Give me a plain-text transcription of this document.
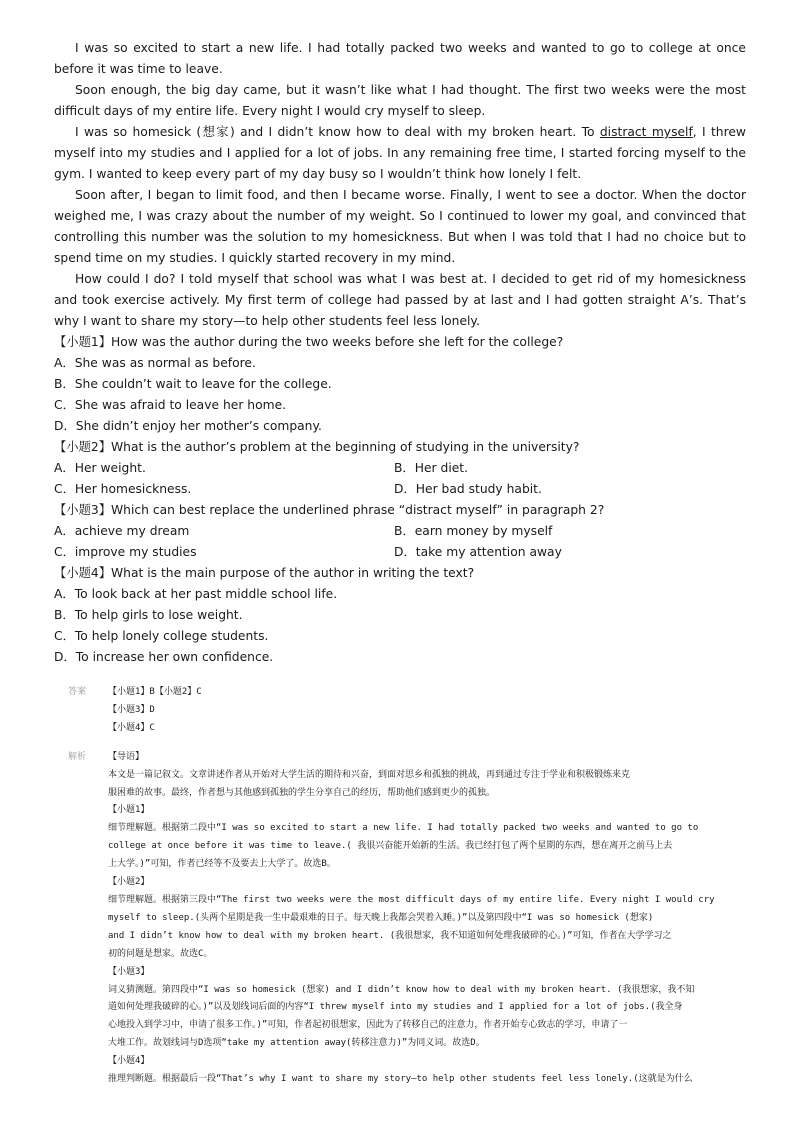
I was so excited to start a new life. I had totally packed two weeks and wanted to go to college at once before it was time to leave.

Soon enough, the big day came, but it wasn’t like what I had thought. The first two weeks were the most difficult days of my entire life. Every night I would cry myself to sleep.

I was so homesick (想家) and I didn’t know how to deal with my broken heart. To distract myself, I threw myself into my studies and I applied for a lot of jobs. In any remaining free time, I started forcing myself to the gym. I wanted to keep every part of my day busy so I wouldn’t think how lonely I felt.

Soon after, I began to limit food, and then I became worse. Finally, I went to see a doctor. When the doctor weighed me, I was crazy about the number of my weight. So I continued to lower my goal, and convinced that controlling this number was the solution to my homesickness. But when I was told that I had no choice but to spend time on my studies. I quickly started recovery in my mind.

How could I do? I told myself that school was what I was best at. I decided to get rid of my homesickness and took exercise actively. My first term of college had passed by at last and I had gotten straight A’s. That’s why I want to share my story—to help other students feel less lonely.

【小题1】How was the author during the two weeks before she left for the college?

A．She was as normal as before.

B．She couldn’t wait to leave for the college.

C．She was afraid to leave her home.

D．She didn’t enjoy her mother’s company.

【小题2】What is the author’s problem at the beginning of studying in the university?

A．Her weight.	B．Her diet.
C．Her homesickness.	D．Her bad study habit.

【小题3】Which can best replace the underlined phrase “distract myself” in paragraph 2?

A．achieve my dream	B．earn money by myself
C．improve my studies	D．take my attention away

【小题4】What is the main purpose of the author in writing the text?

A．To look back at her past middle school life.

B．To help girls to lose weight.

C．To help lonely college students.

D．To increase her own confidence.

答案	【小题1】B【小题2】C
【小题3】D
【小题4】C
解析	【导语】
本文是一篇记叙文。文章讲述作者从开始对大学生活的期待和兴奋，到面对思乡和孤独的挑战，再到通过专注于学业和积极锻炼来克
服困难的故事。最终，作者想与其他感到孤独的学生分享自己的经历，帮助他们感到更少的孤独。
【小题1】
细节理解题。根据第二段中“I was so excited to start a new life. I had totally packed two weeks and wanted to go to
college at once before it was time to leave.( 我很兴奋能开始新的生活。我已经打包了两个星期的东西，想在离开之前马上去
上大学。)”可知，作者已经等不及要去上大学了。故选B。
【小题2】
细节理解题。根据第三段中“The first two weeks were the most difficult days of my entire life. Every night I would cry
myself to sleep.(头两个星期是我一生中最艰难的日子。每天晚上我都会哭着入睡。)”以及第四段中“I was so homesick (想家)
and I didn’t know how to deal with my broken heart. (我很想家，我不知道如何处理我破碎的心。)”可知，作者在大学学习之
初的问题是想家。故选C。
【小题3】
词义猜测题。第四段中“I was so homesick (想家) and I didn’t know how to deal with my broken heart. (我很想家，我不知
道如何处理我破碎的心。)”以及划线词后面的内容“I threw myself into my studies and I applied for a lot of jobs.(我全身
心地投入到学习中，申请了很多工作。)”可知，作者起初很想家，因此为了转移自己的注意力，作者开始专心致志的学习，申请了一
大堆工作。故划线词与D选项“take my attention away(转移注意力)”为同义词。故选D。
【小题4】
推理判断题。根据最后一段“That’s why I want to share my story—to help other students feel less lonely.(这就是为什么
